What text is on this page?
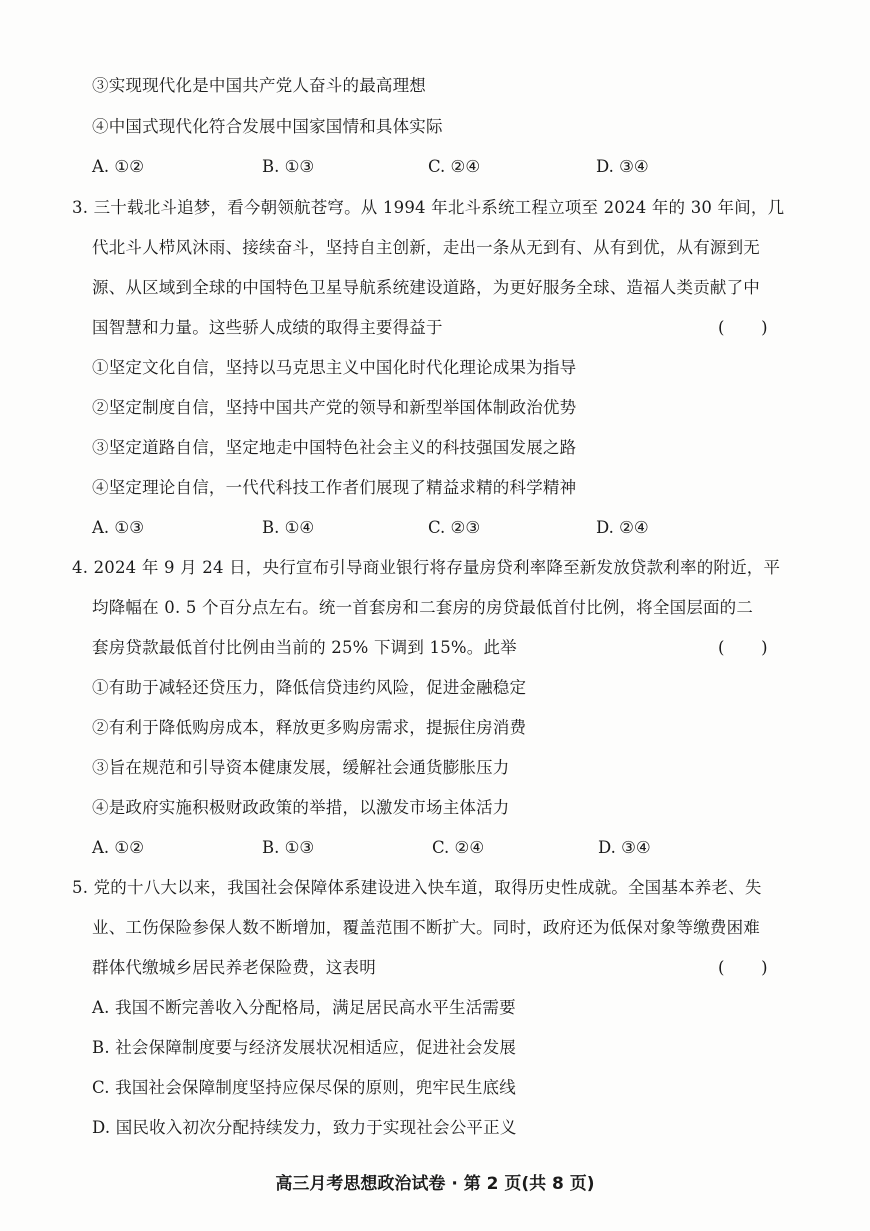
③实现现代化是中国共产党人奋斗的最高理想
④中国式现代化符合发展中国家国情和具体实际
A. ①②	B. ①③	C. ②④	D. ③④
3. 三十载北斗追梦，看今朝领航苍穹。从 1994 年北斗系统工程立项至 2024 年的 30 年间，几
代北斗人栉风沐雨、接续奋斗，坚持自主创新，走出一条从无到有、从有到优，从有源到无
源、从区域到全球的中国特色卫星导航系统建设道路，为更好服务全球、造福人类贡献了中
国智慧和力量。这些骄人成绩的取得主要得益于	(       )
①坚定文化自信，坚持以马克思主义中国化时代化理论成果为指导
②坚定制度自信，坚持中国共产党的领导和新型举国体制政治优势
③坚定道路自信，坚定地走中国特色社会主义的科技强国发展之路
④坚定理论自信，一代代科技工作者们展现了精益求精的科学精神
A. ①③	B. ①④	C. ②③	D. ②④
4. 2024 年 9 月 24 日，央行宣布引导商业银行将存量房贷利率降至新发放贷款利率的附近，平
均降幅在 0. 5 个百分点左右。统一首套房和二套房的房贷最低首付比例，将全国层面的二
套房贷款最低首付比例由当前的 25% 下调到 15%。此举	(       )
①有助于减轻还贷压力，降低信贷违约风险，促进金融稳定
②有利于降低购房成本，释放更多购房需求，提振住房消费
③旨在规范和引导资本健康发展，缓解社会通货膨胀压力
④是政府实施积极财政政策的举措，以激发市场主体活力
A. ①②	B. ①③	C. ②④	D. ③④
5. 党的十八大以来，我国社会保障体系建设进入快车道，取得历史性成就。全国基本养老、失
业、工伤保险参保人数不断增加，覆盖范围不断扩大。同时，政府还为低保对象等缴费困难
群体代缴城乡居民养老保险费，这表明	(       )
A. 我国不断完善收入分配格局，满足居民高水平生活需要
B. 社会保障制度要与经济发展状况相适应，促进社会发展
C. 我国社会保障制度坚持应保尽保的原则，兜牢民生底线
D. 国民收入初次分配持续发力，致力于实现社会公平正义
高三月考思想政治试卷 · 第 2 页(共 8 页)
